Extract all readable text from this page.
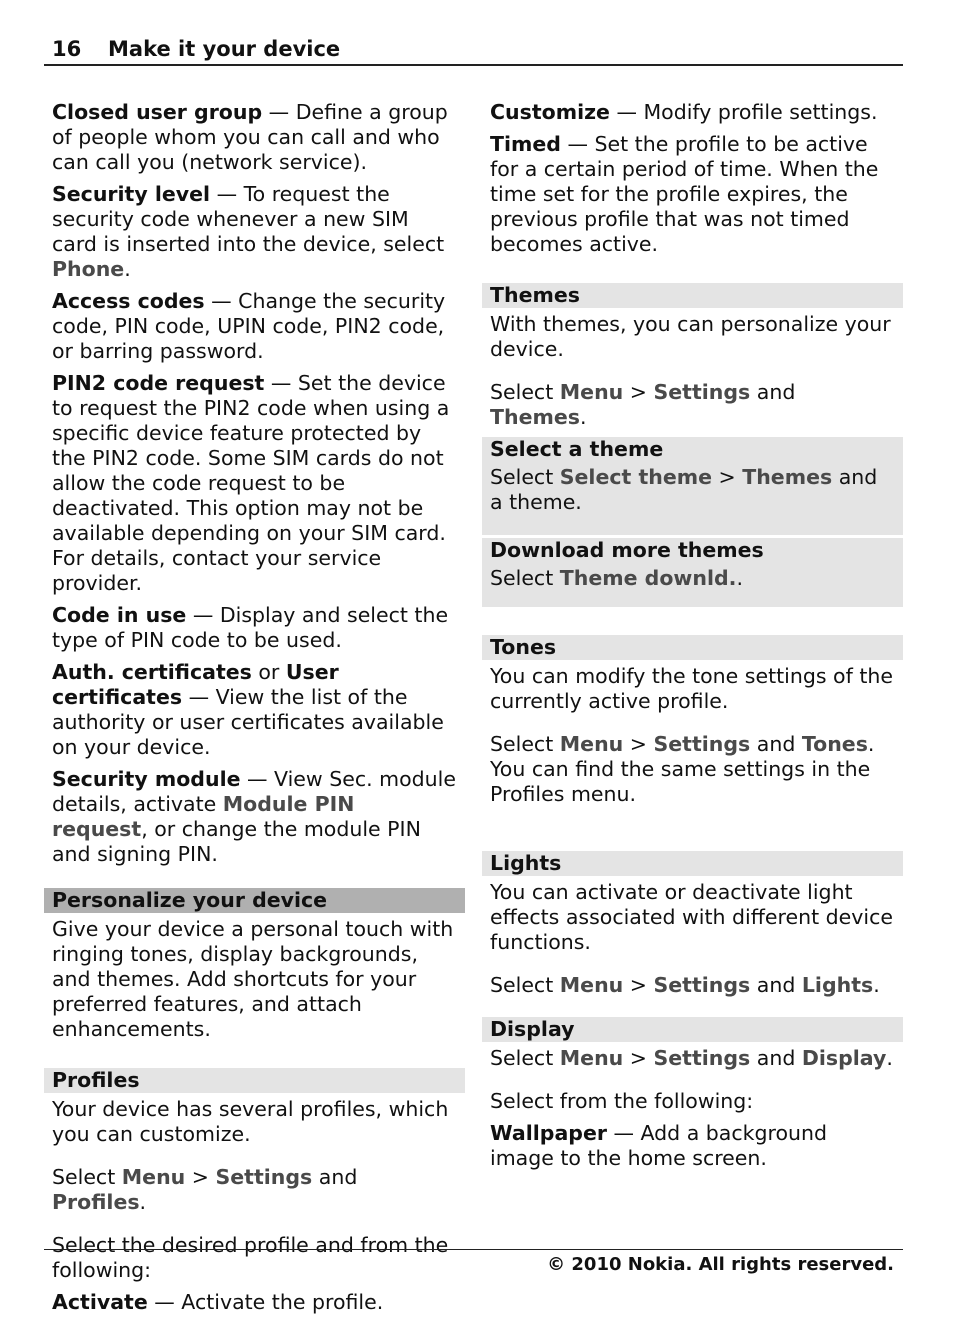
16 Make it your device

Closed user group — Define a group of people whom you can call and who can call you (network service).

Security level — To request the security code whenever a new SIM card is inserted into the device, select Phone.

Access codes — Change the security code, PIN code, UPIN code, PIN2 code, or barring password.

PIN2 code request — Set the device to request the PIN2 code when using a specific device feature protected by the PIN2 code. Some SIM cards do not allow the code request to be deactivated. This option may not be available depending on your SIM card. For details, contact your service provider.

Code in use — Display and select the type of PIN code to be used.

Auth. certificates or User certificates — View the list of the authority or user certificates available on your device.

Security module — View Sec. module details, activate Module PIN request, or change the module PIN and signing PIN.

Personalize your device

Give your device a personal touch with ringing tones, display backgrounds, and themes. Add shortcuts for your preferred features, and attach enhancements.

Profiles

Your device has several profiles, which you can customize.

Select Menu > Settings and Profiles.

Select the desired profile and from the following:

Activate — Activate the profile.

Customize — Modify profile settings.

Timed — Set the profile to be active for a certain period of time. When the time set for the profile expires, the previous profile that was not timed becomes active.

Themes

With themes, you can personalize your device.

Select Menu > Settings and Themes.

Select a theme

Select Select theme > Themes and a theme.

Download more themes

Select Theme downld..

Tones

You can modify the tone settings of the currently active profile.

Select Menu > Settings and Tones. You can find the same settings in the Profiles menu.

Lights

You can activate or deactivate light effects associated with different device functions.

Select Menu > Settings and Lights.

Display

Select Menu > Settings and Display.

Select from the following:

Wallpaper — Add a background image to the home screen.

© 2010 Nokia. All rights reserved.
